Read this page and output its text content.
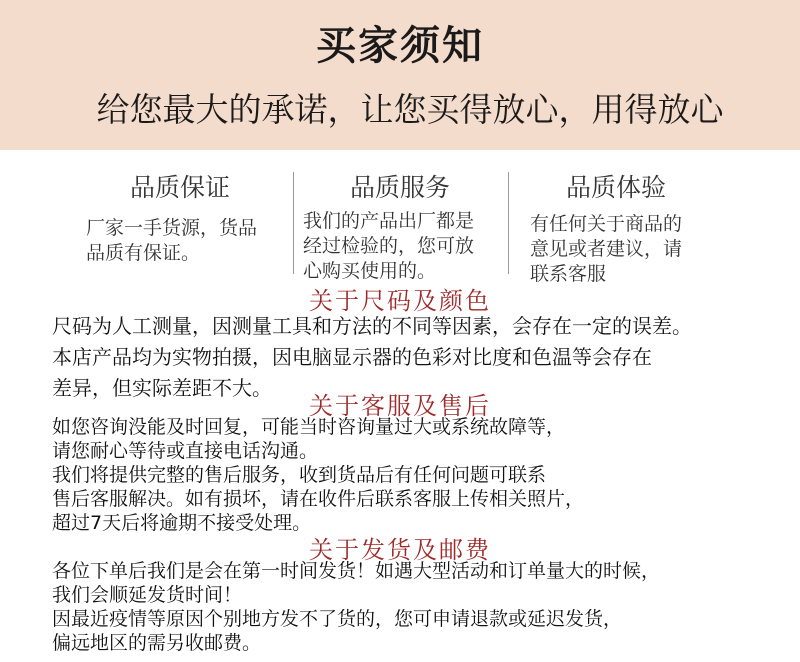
买家须知
给您最大的承诺，让您买得放心，用得放心
品质保证
厂家一手货源，货品
品质有保证。
品质服务
我们的产品出厂都是
经过检验的，您可放
心购买使用的。
品质体验
有任何关于商品的
意见或者建议，请
联系客服
关于尺码及颜色
尺码为人工测量，因测量工具和方法的不同等因素，会存在一定的误差。
本店产品均为实物拍摄，因电脑显示器的色彩对比度和色温等会存在
差异，但实际差距不大。
关于客服及售后
如您咨询没能及时回复，可能当时咨询量过大或系统故障等，
请您耐心等待或直接电话沟通。
我们将提供完整的售后服务，收到货品后有任何问题可联系
售后客服解决。如有损坏，请在收件后联系客服上传相关照片，
超过7天后将逾期不接受处理。
关于发货及邮费
各位下单后我们是会在第一时间发货！如遇大型活动和订单量大的时候，
我们会顺延发货时间！
因最近疫情等原因个别地方发不了货的，您可申请退款或延迟发货，
偏远地区的需另收邮费。
